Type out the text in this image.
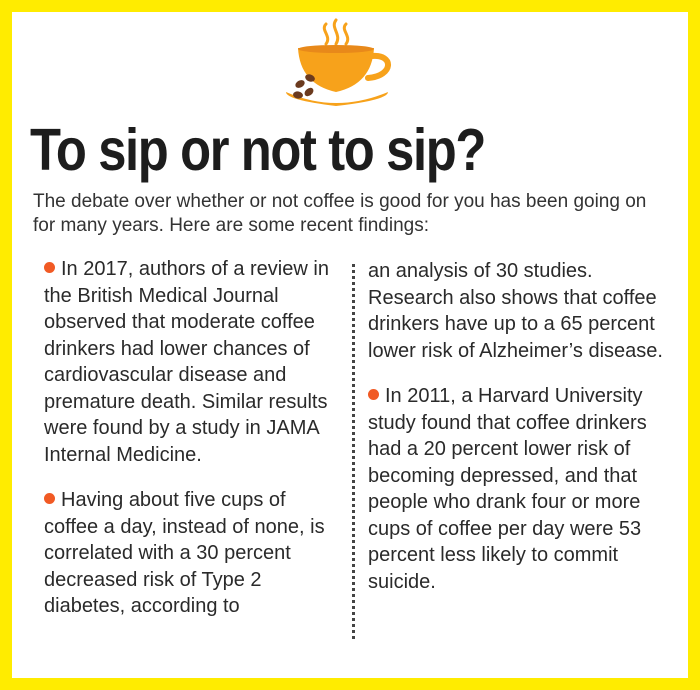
To sip or not to sip?
The debate over whether or not coffee is good for you has been going on for many years. Here are some recent findings:

In 2017, authors of a review in the British Medical Journal observed that moderate coffee drinkers had lower chances of cardiovascular disease and premature death. Similar results were found by a study in JAMA Internal Medicine.

Having about five cups of coffee a day, instead of none, is correlated with a 30 percent decreased risk of Type 2 diabetes, according to

an analysis of 30 studies. Research also shows that coffee drinkers have up to a 65 percent lower risk of Alzheimer’s disease.

In 2011, a Harvard University study found that coffee drinkers had a 20 percent lower risk of becoming depressed, and that people who drank four or more cups of coffee per day were 53 percent less likely to commit suicide.
